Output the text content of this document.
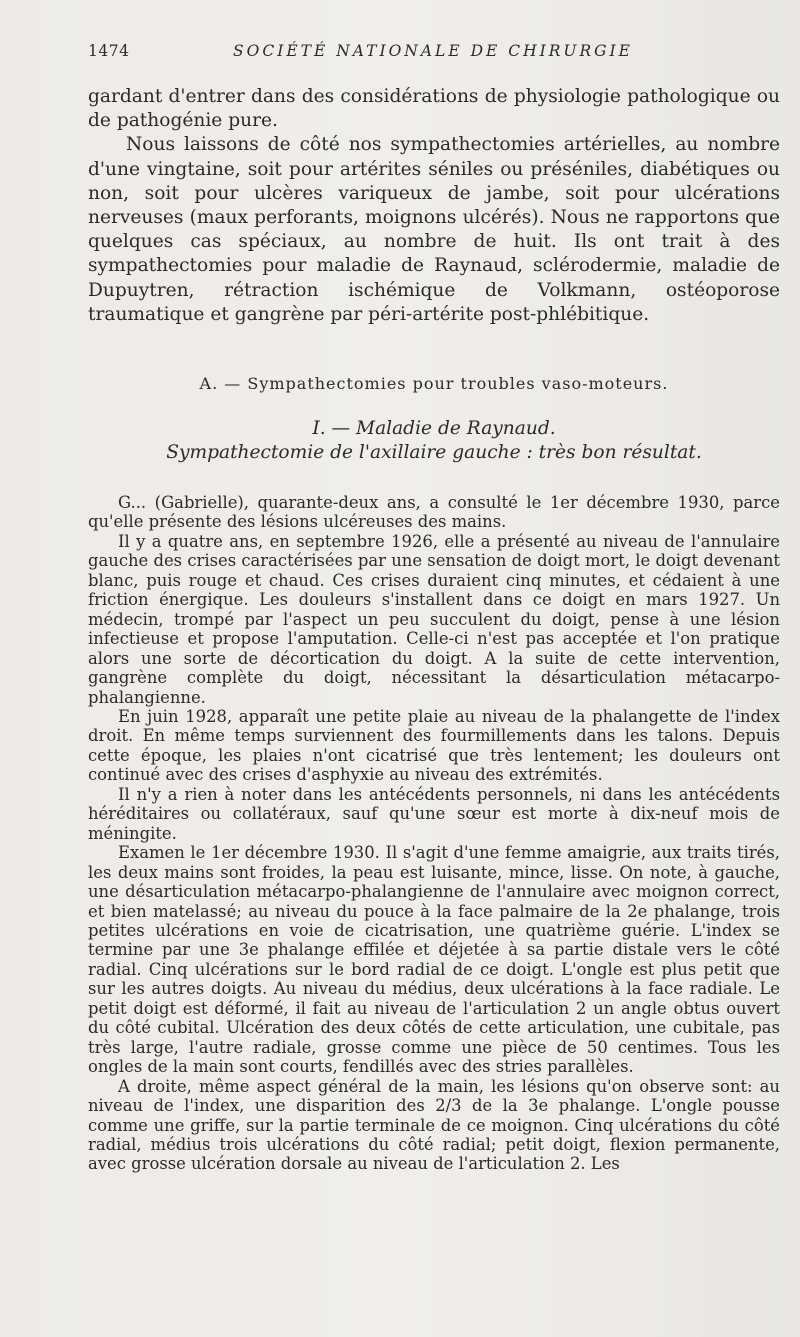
1474	SOCIÉTÉ NATIONALE DE CHIRURGIE

gardant d'entrer dans des considérations de physiologie pathologique ou de pathogénie pure.

Nous laissons de côté nos sympathectomies artérielles, au nombre d'une vingtaine, soit pour artérites séniles ou préséniles, diabétiques ou non, soit pour ulcères variqueux de jambe, soit pour ulcérations nerveuses (maux perforants, moignons ulcérés). Nous ne rapportons que quelques cas spéciaux, au nombre de huit. Ils ont trait à des sympathectomies pour maladie de Raynaud, sclérodermie, maladie de Dupuytren, rétraction ischémique de Volkmann, ostéoporose traumatique et gangrène par péri-artérite post-phlébitique.

A. — Sympathectomies pour troubles vaso-moteurs.
I. — Maladie de Raynaud.
Sympathectomie de l'axillaire gauche : très bon résultat.

G... (Gabrielle), quarante-deux ans, a consulté le 1er décembre 1930, parce qu'elle présente des lésions ulcéreuses des mains.

Il y a quatre ans, en septembre 1926, elle a présenté au niveau de l'annulaire gauche des crises caractérisées par une sensation de doigt mort, le doigt devenant blanc, puis rouge et chaud. Ces crises duraient cinq minutes, et cédaient à une friction énergique. Les douleurs s'installent dans ce doigt en mars 1927. Un médecin, trompé par l'aspect un peu succulent du doigt, pense à une lésion infectieuse et propose l'amputation. Celle-ci n'est pas acceptée et l'on pratique alors une sorte de décortication du doigt. A la suite de cette intervention, gangrène complète du doigt, nécessitant la désarticulation métacarpo-phalangienne.

En juin 1928, apparaît une petite plaie au niveau de la phalangette de l'index droit. En même temps surviennent des fourmillements dans les talons. Depuis cette époque, les plaies n'ont cicatrisé que très lentement; les douleurs ont continué avec des crises d'asphyxie au niveau des extrémités.

Il n'y a rien à noter dans les antécédents personnels, ni dans les antécédents héréditaires ou collatéraux, sauf qu'une sœur est morte à dix-neuf mois de méningite.

Examen le 1er décembre 1930. Il s'agit d'une femme amaigrie, aux traits tirés, les deux mains sont froides, la peau est luisante, mince, lisse. On note, à gauche, une désarticulation métacarpo-phalangienne de l'annulaire avec moignon correct, et bien matelassé; au niveau du pouce à la face palmaire de la 2e phalange, trois petites ulcérations en voie de cicatrisation, une quatrième guérie. L'index se termine par une 3e phalange effilée et déjetée à sa partie distale vers le côté radial. Cinq ulcérations sur le bord radial de ce doigt. L'ongle est plus petit que sur les autres doigts. Au niveau du médius, deux ulcérations à la face radiale. Le petit doigt est déformé, il fait au niveau de l'articulation 2 un angle obtus ouvert du côté cubital. Ulcération des deux côtés de cette articulation, une cubitale, pas très large, l'autre radiale, grosse comme une pièce de 50 centimes. Tous les ongles de la main sont courts, fendillés avec des stries parallèles.

A droite, même aspect général de la main, les lésions qu'on observe sont: au niveau de l'index, une disparition des 2/3 de la 3e phalange. L'ongle pousse comme une griffe, sur la partie terminale de ce moignon. Cinq ulcérations du côté radial, médius trois ulcérations du côté radial; petit doigt, flexion permanente, avec grosse ulcération dorsale au niveau de l'articulation 2. Les
